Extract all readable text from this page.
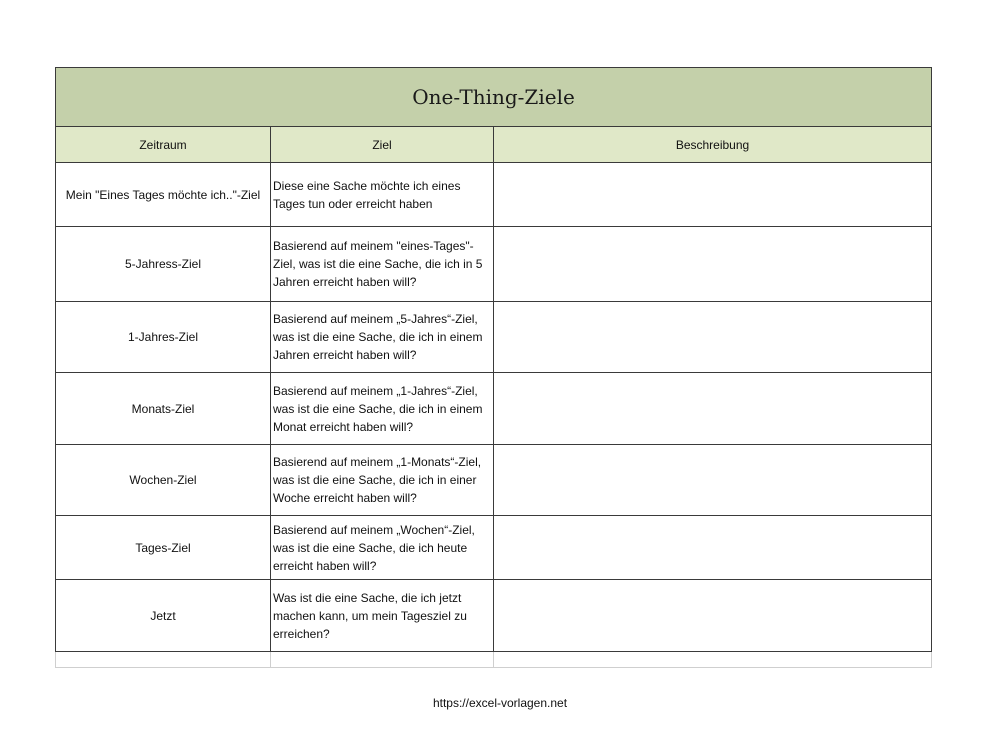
One-Thing-Ziele		
Zeitraum	Ziel	Beschreibung
Mein "Eines Tages möchte ich.."-Ziel	Diese eine Sache möchte ich eines Tages tun oder erreicht haben	
5-Jahress-Ziel	Basierend auf meinem "eines-Tages"-Ziel, was ist die eine Sache, die ich in 5 Jahren erreicht haben will?	
1-Jahres-Ziel	Basierend auf meinem „5-Jahres“-Ziel, was ist die eine Sache, die ich in einem Jahren erreicht haben will?	
Monats-Ziel	Basierend auf meinem „1-Jahres“-Ziel, was ist die eine Sache, die ich in einem Monat erreicht haben will?	
Wochen-Ziel	Basierend auf meinem „1-Monats“-Ziel, was ist die eine Sache, die ich in einer Woche erreicht haben will?	
Tages-Ziel	Basierend auf meinem „Wochen“-Ziel, was ist die eine Sache, die ich heute erreicht haben will?	
Jetzt	Was ist die eine Sache, die ich jetzt machen kann, um mein Tagesziel zu erreichen?	

https://excel-vorlagen.net
